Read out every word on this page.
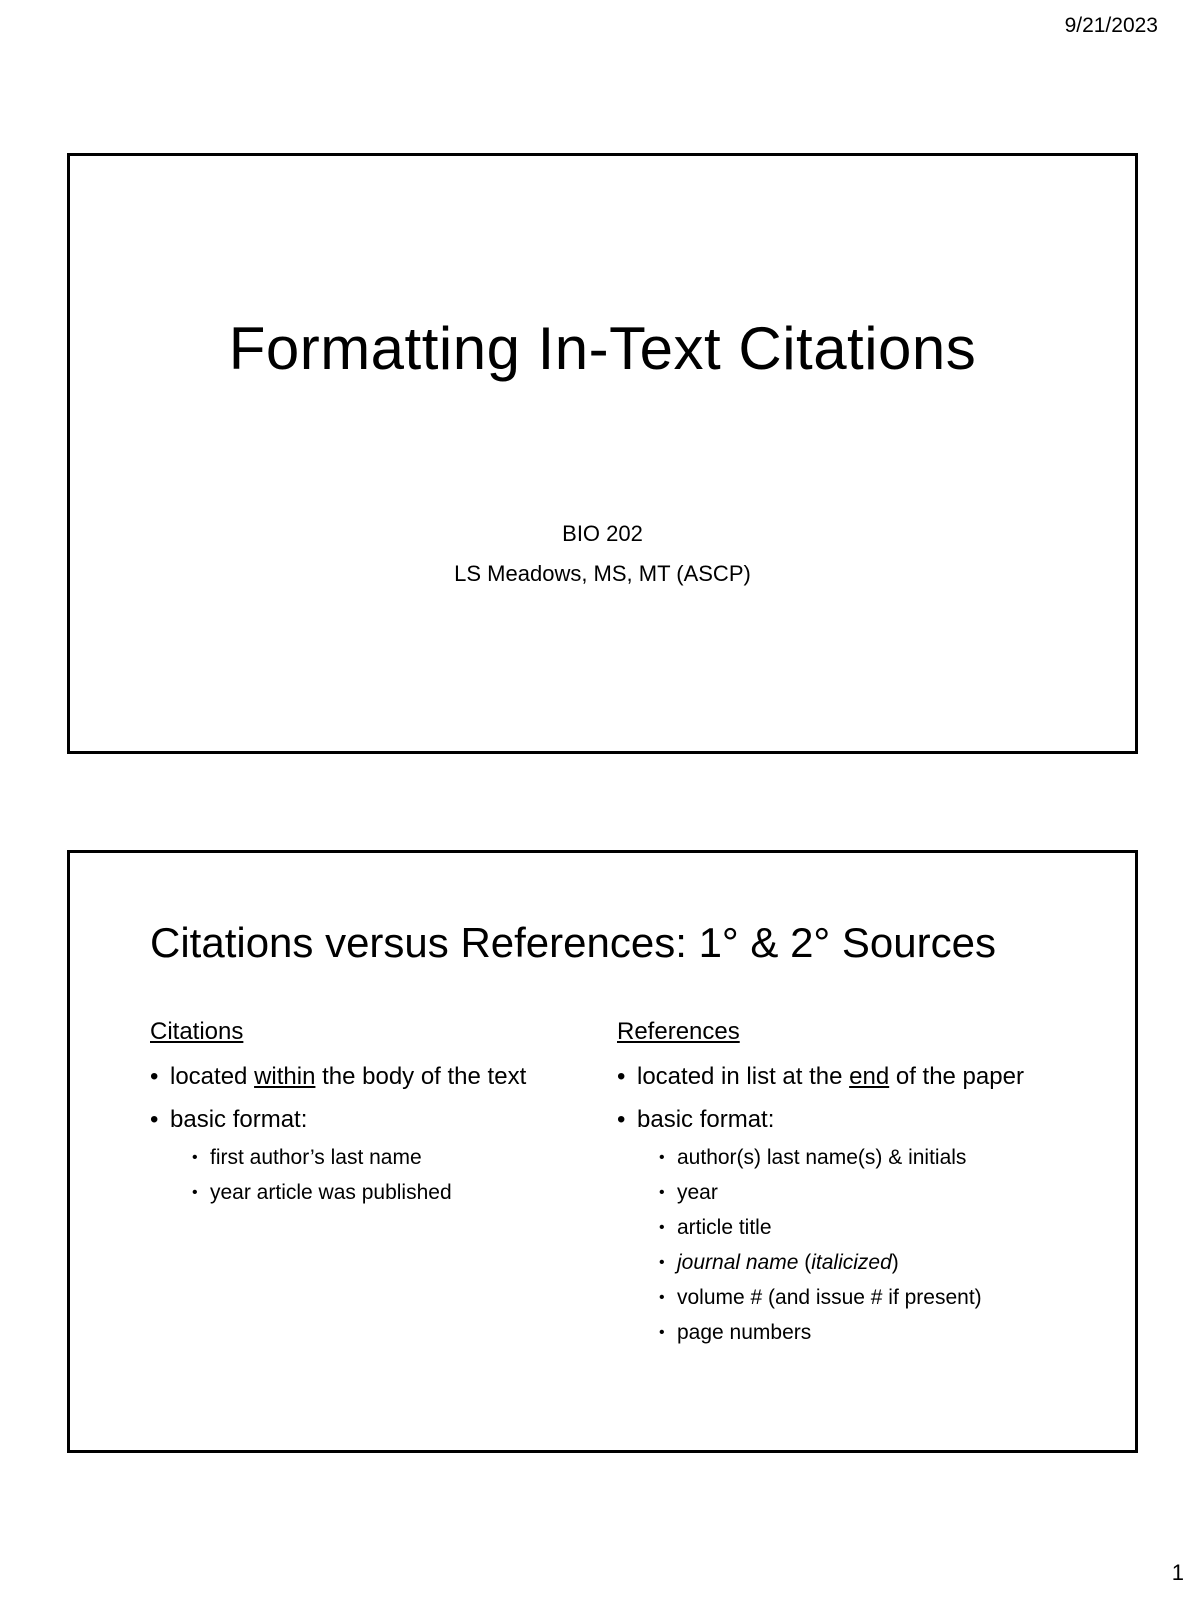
9/21/2023
Formatting In-Text Citations
BIO 202
LS Meadows, MS, MT (ASCP)
Citations versus References: 1° & 2° Sources
Citations
• located within the body of the text
• basic format:
• first author’s last name
• year article was published
References
• located in list at the end of the paper
• basic format:
• author(s) last name(s) & initials
• year
• article title
• journal name (italicized)
• volume # (and issue # if present)
• page numbers
1
